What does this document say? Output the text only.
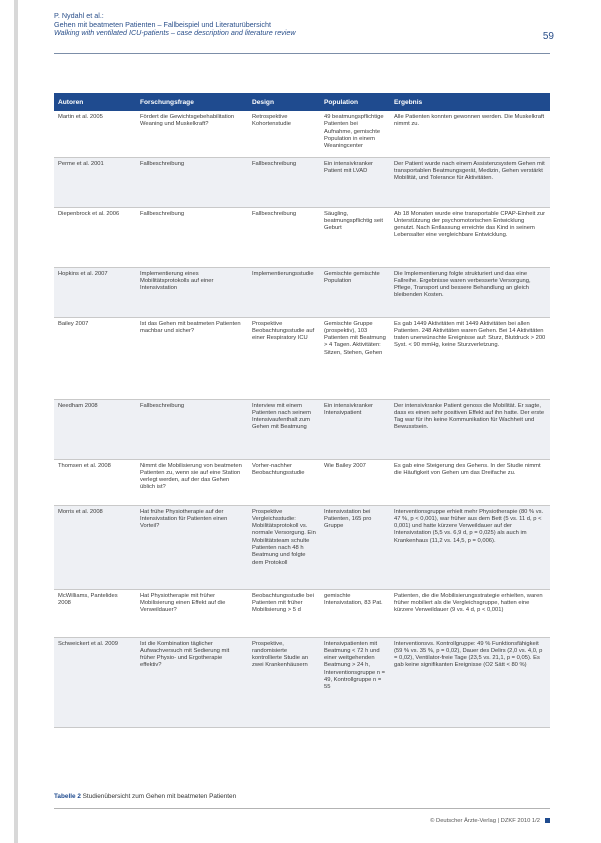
P. Nydahl et al.:
Gehen mit beatmeten Patienten – Fallbeispiel und Literaturübersicht
Walking with ventilated ICU-patients – case description and literature review	59
Autoren	Forschungsfrage	Design	Population	Ergebnis
Martin et al. 2005	Fördert die Gewichtsgebehabilitation Weaning und Muskelkraft?	Retrospektive Kohortenstudie	49 beatmungspflichtige Patienten bei Aufnahme, gemischte Population in einem Weaningcenter	Alle Patienten konnten gewonnen werden. Die Muskelkraft nimmt zu.
Perme et al. 2001	Fallbeschreibung	Fallbeschreibung	Ein intensivkranker Patient mit LVAD	Der Patient wurde nach einem Assistenzsystem Gehen mit transportablen Beatmungsgerät, Medizin, Gehen verstärkt Mobilität, und Tolerance für Aktivitäten.
Diepenbrock et al. 2006	Fallbeschreibung	Fallbeschreibung	Säugling, beatmungspflichtig seit Geburt	Ab 18 Monaten wurde eine transportable CPAP-Einheit zur Unterstützung der psychomotorischen Entwicklung genutzt. Nach Entlassung erreichte das Kind in seinem Lebensalter eine vergleichbare Entwicklung.
Hopkins et al. 2007	Implementierung eines Mobilitätsprotokolls auf einer Intensivstation	Implementierungsstudie	Gemischte gemischte Population	Die Implementierung folgte strukturiert und das eine Fallreihe. Ergebnisse waren verbesserte Versorgung, Pflege, Transport und bessere Behandlung an gleich bleibenden Kosten.
Bailey 2007	Ist das Gehen mit beatmeten Patienten machbar und sicher?	Prospektive Beobachtungsstudie auf einer Respiratory ICU	Gemischte Gruppe (prospektiv), 103 Patienten mit Beatmung > 4 Tagen. Aktivitäten: Sitzen, Stehen, Gehen	Es gab 1449 Aktivitäten mit 1449 Aktivitäten bei allen Patienten. 248 Aktivitäten waren Gehen. Bei 14 Aktivitäten traten unerwünschte Ereignisse auf: Sturz, Blutdruck > 200 Syst. < 90 mmHg, keine Sturzverletzung.
Needham 2008	Fallbeschreibung	Interview mit einem Patienten nach seinem Intensivaufenthalt zum Gehen mit Beatmung	Ein intensivkranker Intensivpatient	Der intensivkranke Patient genoss die Mobilität. Er sagte, dass es einen sehr positiven Effekt auf ihn hatte. Der erste Tag war für ihn keine Kommunikation für Wachheit und Bewusstsein.
Thomsen et al. 2008	Nimmt die Mobilisierung von beatmeten Patienten zu, wenn sie auf eine Station verlegt werden, auf der das Gehen üblich ist?	Vorher-nachher Beobachtungsstudie	Wie Bailey 2007	Es gab eine Steigerung des Gehens. In der Studie nimmt die Häufigkeit von Gehen um das Dreifache zu.
Morris et al. 2008	Hat frühe Physiotherapie auf der Intensivstation für Patienten einen Vorteil?	Prospektive Vergleichsstudie: Mobilitätsprotokoll vs. normale Versorgung. Ein Mobilitätsteam schulte Patienten nach 48 h Beatmung und folgte dem Protokoll	Intensivstation bei Patienten, 165 pro Gruppe	Interventionsgruppe erhielt mehr Physiotherapie (80 % vs. 47 %, p < 0,001), war früher aus dem Bett (5 vs. 11 d, p < 0,001) und hatte kürzere Verweildauer auf der Intensivstation (5,5 vs. 6,9 d, p = 0,025) als auch im Krankenhaus (11,2 vs. 14,5, p = 0,006).
McWilliams, Pantelides 2008	Hat Physiotherapie mit früher Mobilisierung einen Effekt auf die Verweildauer?	Beobachtungsstudie bei Patienten mit früher Mobilisierung > 5 d	gemischte Intensivstation, 83 Pat.	Patienten, die die Mobilisierungsstrategie erhielten, waren früher mobiliert als die Vergleichsgruppe, hatten eine kürzere Verweildauer (9 vs. 4 d, p < 0,001)
Schweickert et al. 2009	Ist die Kombination täglicher Aufwachversuch mit Sedierung mit früher Physio- und Ergotherapie effektiv?	Prospektive, randomisierte kontrollierte Studie an zwei Krankenhäusern	Intensivpatienten mit Beatmung < 72 h und einer weitgehenden Beatmung > 24 h, Interventionsgruppe n = 49, Kontrollgruppe n = 55	Interventionsvs. Kontrollgruppe: 49 % Funktionsfähigkeit (59 % vs. 35 %, p = 0,02), Dauer des Delirs (2,0 vs. 4,0, p = 0,02), Ventilator-freie Tage (23,5 vs. 21,1, p = 0,05). Es gab keine signifikanten Ereignisse (O2 Sätt < 80 %)
Tabelle 2 Studienübersicht zum Gehen mit beatmeten Patienten
© Deutscher Ärzte-Verlag | DZKF 2010 1/2
